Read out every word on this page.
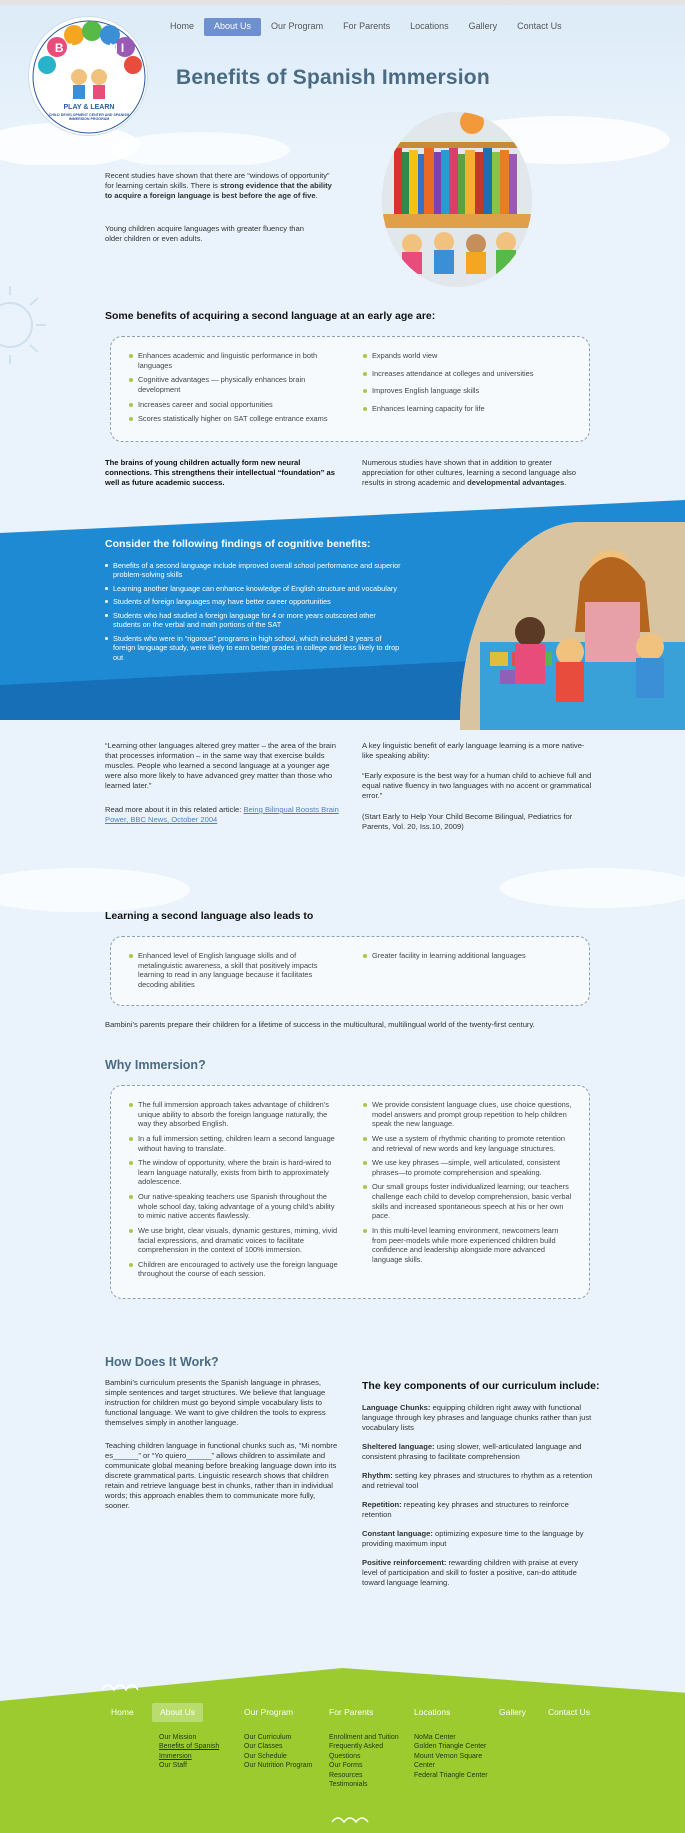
Home	About Us	Our Program	For Parents	Locations	Gallery	Contact Us
BAMBINI
PLAY & LEARN
CHILD DEVELOPMENT CENTER AND SPANISH IMMERSION PROGRAM
Benefits of Spanish Immersion
Recent studies have shown that there are “windows of opportunity” for learning certain skills. There is strong evidence that the ability to acquire a foreign language is best before the age of five.
Young children acquire languages with greater fluency than older children or even adults.
Some benefits of acquiring a second language at an early age are:
Enhances academic and linguistic performance in both languages
Cognitive advantages — physically enhances brain development
Increases career and social opportunities
Scores statistically higher on SAT college entrance exams
Expands world view
Increases attendance at colleges and universities
Improves English language skills
Enhances learning capacity for life
The brains of young children actually form new neural connections. This strengthens their intellectual “foundation” as well as future academic success.
Numerous studies have shown that in addition to greater appreciation for other cultures, learning a second language also results in strong academic and developmental advantages.
Consider the following findings of cognitive benefits:
Benefits of a second language include improved overall school performance and superior problem-solving skills
Learning another language can enhance knowledge of English structure and vocabulary
Students of foreign languages may have better career opportunities
Students who had studied a foreign language for 4 or more years outscored other students on the verbal and math portions of the SAT
Students who were in “rigorous” programs in high school, which included 3 years of foreign language study, were likely to earn better grades in college and less likely to drop out
“Learning other languages altered grey matter – the area of the brain that processes information – in the same way that exercise builds muscles. People who learned a second language at a younger age were also more likely to have advanced grey matter than those who learned later.”
Read more about it in this related article: Being Bilingual Boosts Brain Power, BBC News, October 2004
A key linguistic benefit of early language learning is a more native-like speaking ability:
“Early exposure is the best way for a human child to achieve full and equal native fluency in two languages with no accent or grammatical error.”
(Start Early to Help Your Child Become Bilingual, Pediatrics for Parents, Vol. 20, Iss.10, 2009)
Learning a second language also leads to
Enhanced level of English language skills and of metalinguistic awareness, a skill that positively impacts learning to read in any language because it facilitates decoding abilities
Greater facility in learning additional languages
Bambini’s parents prepare their children for a lifetime of success in the multicultural, multilingual world of the twenty-first century.
Why Immersion?
The full immersion approach takes advantage of children’s unique ability to absorb the foreign language naturally, the way they absorbed English.
In a full immersion setting, children learn a second language without having to translate.
The window of opportunity, where the brain is hard-wired to learn language naturally, exists from birth to approximately adolescence.
Our native-speaking teachers use Spanish throughout the whole school day, taking advantage of a young child’s ability to mimic native accents flawlessly.
We use bright, clear visuals, dynamic gestures, miming, vivid facial expressions, and dramatic voices to facilitate comprehension in the context of 100% immersion.
Children are encouraged to actively use the foreign language throughout the course of each session.
We provide consistent language clues, use choice questions, model answers and prompt group repetition to help children speak the new language.
We use a system of rhythmic chanting to promote retention and retrieval of new words and key language structures.
We use key phrases —simple, well articulated, consistent phrases—to promote comprehension and speaking.
Our small groups foster individualized learning; our teachers challenge each child to develop comprehension, basic verbal skills and increased spontaneous speech at his or her own pace.
In this multi-level learning environment, newcomers learn from peer-models while more experienced children build confidence and leadership alongside more advanced language skills.
How Does It Work?
Bambini’s curriculum presents the Spanish language in phrases, simple sentences and target structures. We believe that language instruction for children must go beyond simple vocabulary lists to functional language. We want to give children the tools to express themselves simply in another language.
Teaching children language in functional chunks such as, “Mi nombre es______” or “Yo quiero______” allows children to assimilate and communicate global meaning before breaking language down into its discrete grammatical parts. Linguistic research shows that children retain and retrieve language best in chunks, rather than in individual words; this approach enables them to communicate more fully, sooner.
The key components of our curriculum include:
Language Chunks: equipping children right away with functional language through key phrases and language chunks rather than just vocabulary lists
Sheltered language: using slower, well-articulated language and consistent phrasing to facilitate comprehension
Rhythm: setting key phrases and structures to rhythm as a retention and retrieval tool
Repetition: repeating key phrases and structures to reinforce retention
Constant language: optimizing exposure time to the language by providing maximum input
Positive reinforcement: rewarding children with praise at every level of participation and skill to foster a positive, can-do attitude toward language learning.
Home	About Us	Our Program	For Parents	Locations	Gallery	Contact Us
Our Mission
Benefits of Spanish Immersion
Our Staff
Our Curriculum
Our Classes
Our Schedule
Our Nutrition Program
Enrollment and Tuition
Frequently Asked Questions
Our Forms
Resources
Testimonials
NoMa Center
Golden Triangle Center
Mount Vernon Square Center
Federal Triangle Center
